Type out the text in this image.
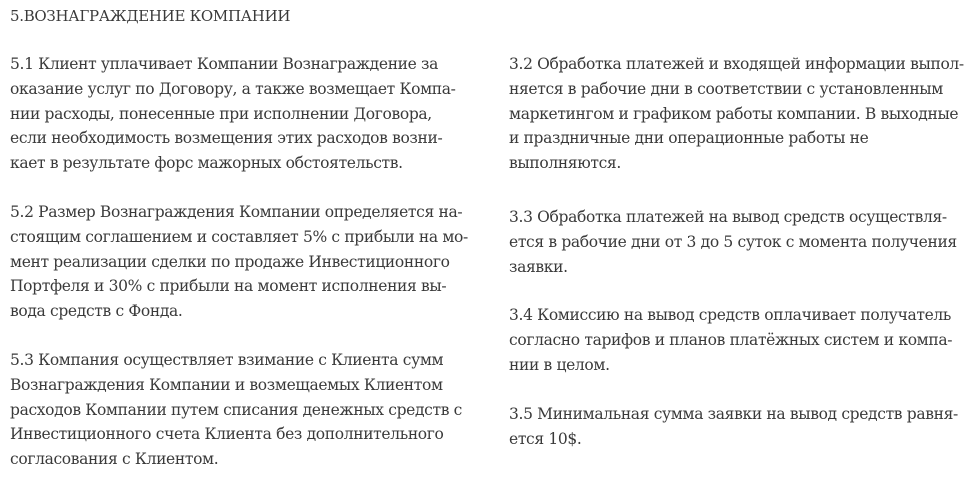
5.ВОЗНАГРАЖДЕНИЕ КОМПАНИИ

5.1 Клиент уплачивает Компании Вознаграждение за
оказание услуг по Договору, а также возмещает Компа-
нии расходы, понесенные при исполнении Договора,
если необходимость возмещения этих расходов возни-
кает в результате форс мажорных обстоятельств.

5.2 Размер Вознаграждения Компании определяется на-
стоящим соглашением и составляет 5% с прибыли на мо-
мент реализации сделки по продаже Инвестиционного
Портфеля и 30% с прибыли на момент исполнения вы-
вода средств с Фонда.

5.3 Компания осуществляет взимание с Клиента сумм
Вознаграждения Компании и возмещаемых Клиентом
расходов Компании путем списания денежных средств с
Инвестиционного счета Клиента без дополнительного
согласования с Клиентом.

3.2 Обработка платежей и входящей информации выпол-
няется в рабочие дни в соответствии с установленным
маркетингом и графиком работы компании. В выходные
и праздничные дни операционные работы не
выполняются.

3.3 Обработка платежей на вывод средств осуществля-
ется в рабочие дни от 3 до 5 суток с момента получения
заявки.

3.4 Комиссию на вывод средств оплачивает получатель
согласно тарифов и планов платёжных систем и компа-
нии в целом.

3.5 Минимальная сумма заявки на вывод средств равня-
ется 10$.
